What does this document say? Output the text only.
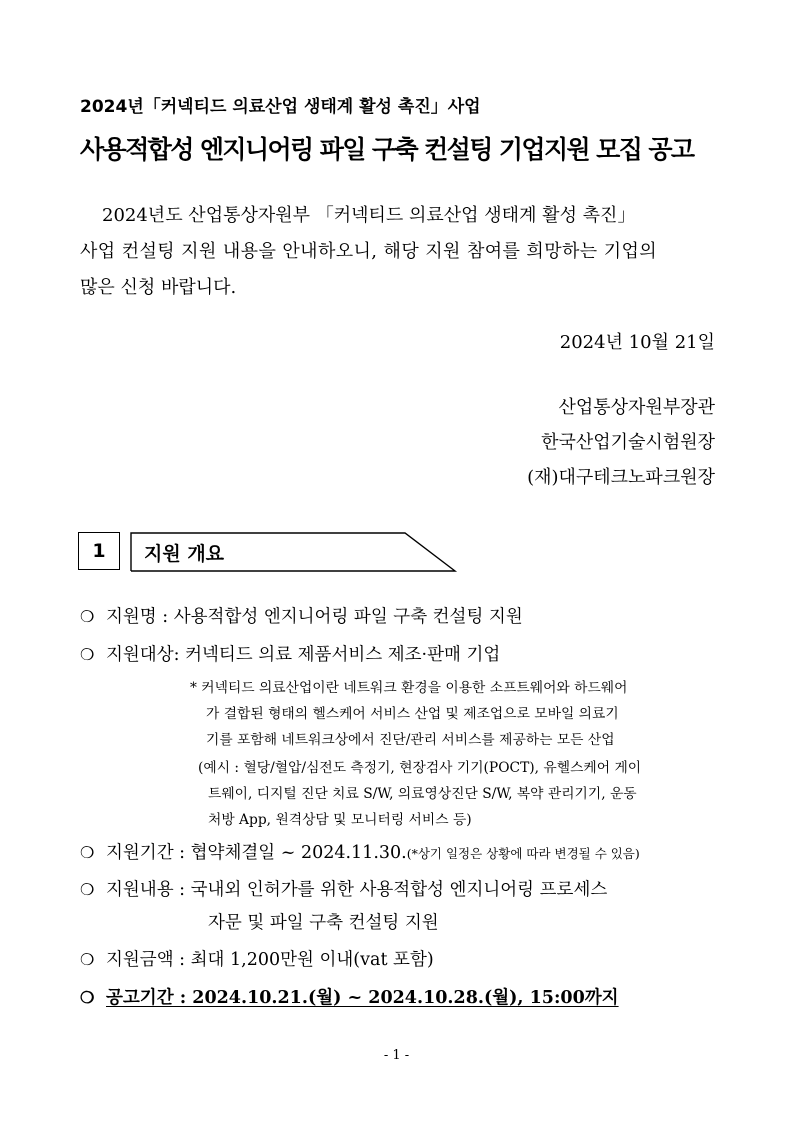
2024년「커넥티드 의료산업 생태계 활성 촉진」사업
사용적합성 엔지니어링 파일 구축 컨설팅 기업지원 모집 공고
2024년도 산업통상자원부 「커넥티드 의료산업 생태계 활성 촉진」
사업 컨설팅 지원 내용을 안내하오니, 해당 지원 참여를 희망하는 기업의
많은 신청 바랍니다.
2024년 10월 21일
산업통상자원부장관
한국산업기술시험원장
(재)대구테크노파크원장
1	지원 개요
❍ 지원명 : 사용적합성 엔지니어링 파일 구축 컨설팅 지원
❍ 지원대상: 커넥티드 의료 제품서비스 제조·판매 기업
* 커넥티드 의료산업이란 네트워크 환경을 이용한 소프트웨어와 하드웨어
가 결합된 형태의 헬스케어 서비스 산업 및 제조업으로 모바일 의료기
기를 포함해 네트워크상에서 진단/관리 서비스를 제공하는 모든 산업
(예시 : 혈당/혈압/심전도 측정기, 현장검사 기기(POCT), 유헬스케어 게이
트웨이, 디지털 진단 치료 S/W, 의료영상진단 S/W, 복약 관리기기, 운동
처방 App, 원격상담 및 모니터링 서비스 등)
❍ 지원기간 : 협약체결일 ~ 2024.11.30.(*상기 일정은 상황에 따라 변경될 수 있음)
❍ 지원내용 : 국내외 인허가를 위한 사용적합성 엔지니어링 프로세스
자문 및 파일 구축 컨설팅 지원
❍ 지원금액 : 최대 1,200만원 이내(vat 포함)
❍ 공고기간 : 2024.10.21.(월) ~ 2024.10.28.(월), 15:00까지
- 1 -
